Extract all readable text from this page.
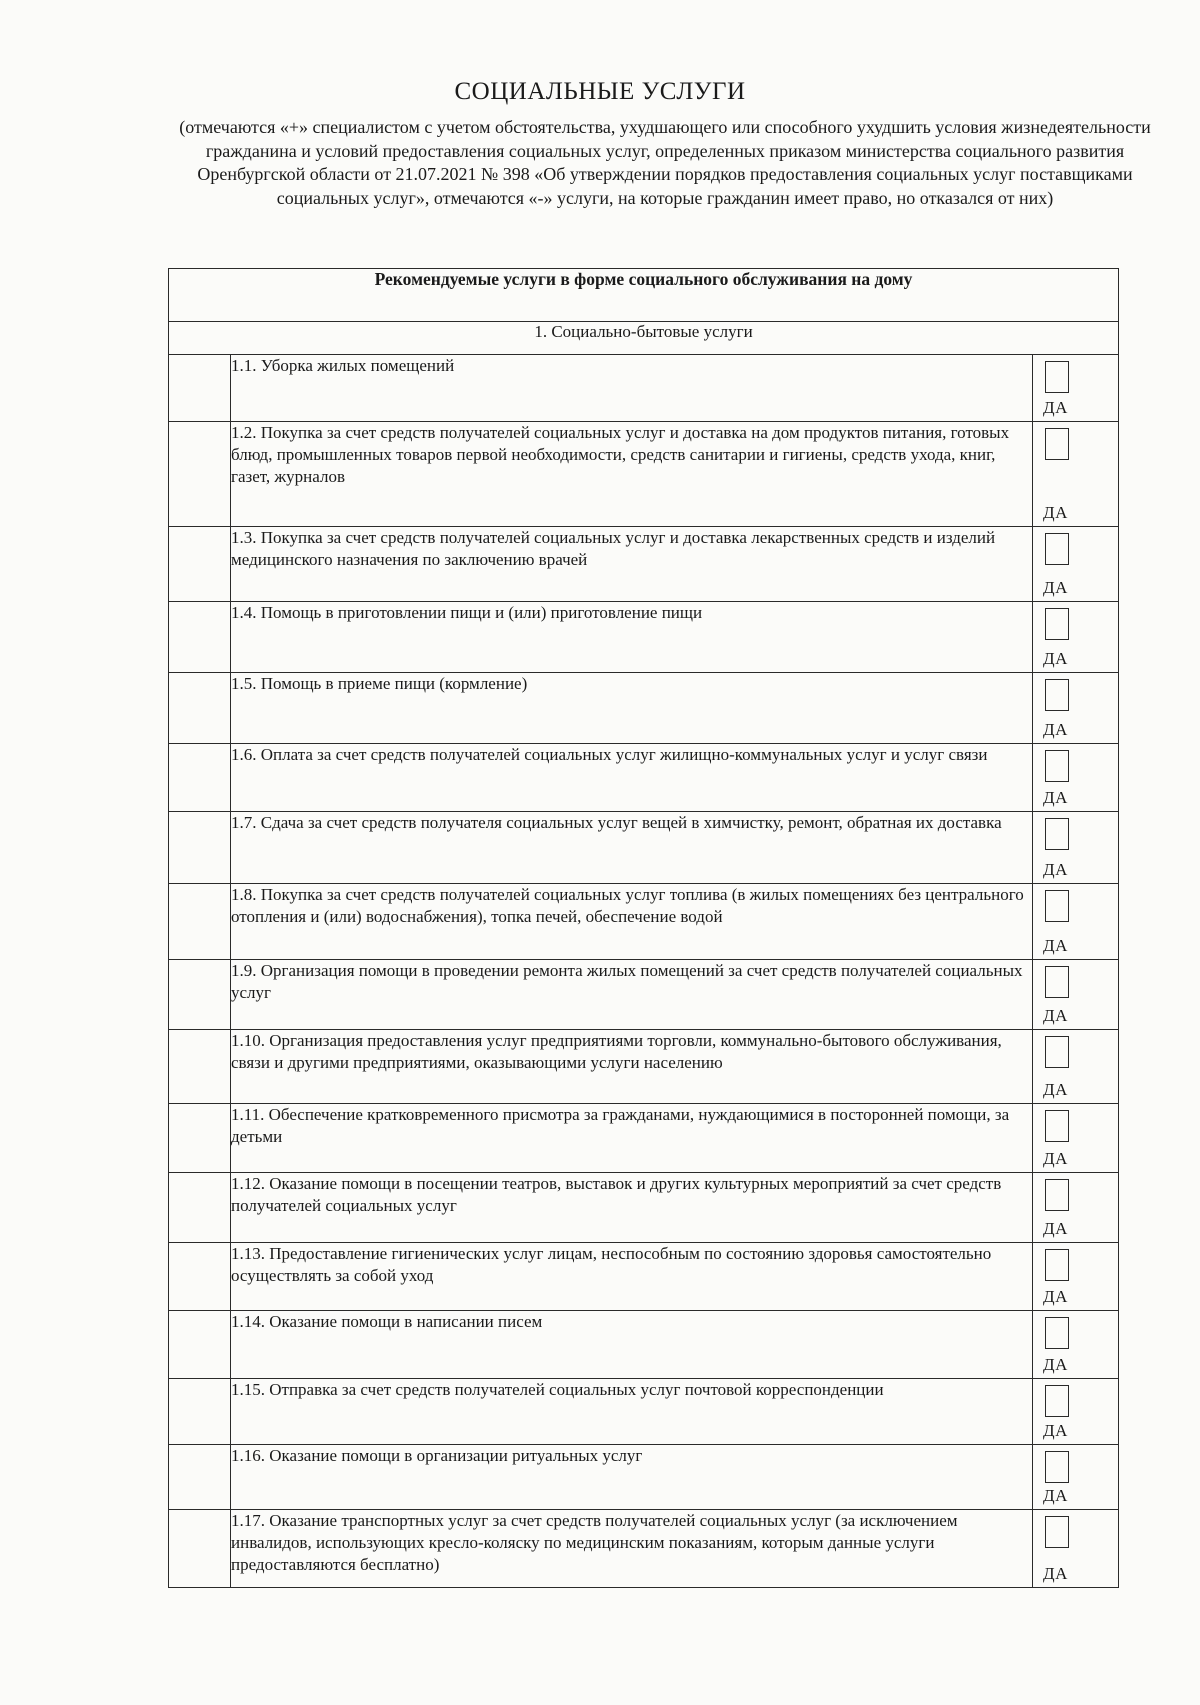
СОЦИАЛЬНЫЕ УСЛУГИ
(отмечаются «+» специалистом с учетом обстоятельства, ухудшающего или способного ухудшить условия жизнедеятельности гражданина и условий предоставления социальных услуг, определенных приказом министерства социального развития Оренбургской области от 21.07.2021 № 398 «Об утверждении порядков предоставления социальных услуг поставщиками социальных услуг», отмечаются «-» услуги, на которые гражданин имеет право, но отказался от них)
Рекомендуемые услуги в форме социального обслуживания на дому		
1. Социально-бытовые услуги		
	1.1. Уборка жилых помещений	ДА

	1.2. Покупка за счет средств получателей социальных услуг и доставка на дом продуктов питания, готовых блюд, промышленных товаров первой необходимости, средств санитарии и гигиены, средств ухода, книг, газет, журналов	ДА

	1.3. Покупка за счет средств получателей социальных услуг и доставка лекарственных средств и изделий медицинского назначения по заключению врачей	ДА

	1.4. Помощь в приготовлении пищи и (или) приготовление пищи	ДА

	1.5. Помощь в приеме пищи (кормление)	ДА

	1.6. Оплата за счет средств получателей социальных услуг жилищно-коммунальных услуг и услуг связи	ДА

	1.7. Сдача за счет средств получателя социальных услуг вещей в химчистку, ремонт, обратная их доставка	ДА

	1.8. Покупка за счет средств получателей социальных услуг топлива (в жилых помещениях без центрального отопления и (или) водоснабжения), топка печей, обеспечение водой	ДА

	1.9. Организация помощи в проведении ремонта жилых помещений за счет средств получателей социальных услуг	ДА

	1.10. Организация предоставления услуг предприятиями торговли, коммунально-бытового обслуживания, связи и другими предприятиями, оказывающими услуги населению	ДА

	1.11. Обеспечение кратковременного присмотра за гражданами, нуждающимися в посторонней помощи, за детьми	ДА

	1.12. Оказание помощи в посещении театров, выставок и других культурных мероприятий за счет средств получателей социальных услуг	ДА

	1.13. Предоставление гигиенических услуг лицам, неспособным по состоянию здоровья самостоятельно осуществлять за собой уход	ДА

	1.14. Оказание помощи в написании писем	ДА

	1.15. Отправка за счет средств получателей социальных услуг почтовой корреспонденции	ДА

	1.16. Оказание помощи в организации ритуальных услуг	ДА

	1.17. Оказание транспортных услуг за счет средств получателей социальных услуг (за исключением инвалидов, использующих кресло-коляску по медицинским показаниям, которым данные услуги предоставляются бесплатно)	ДА
